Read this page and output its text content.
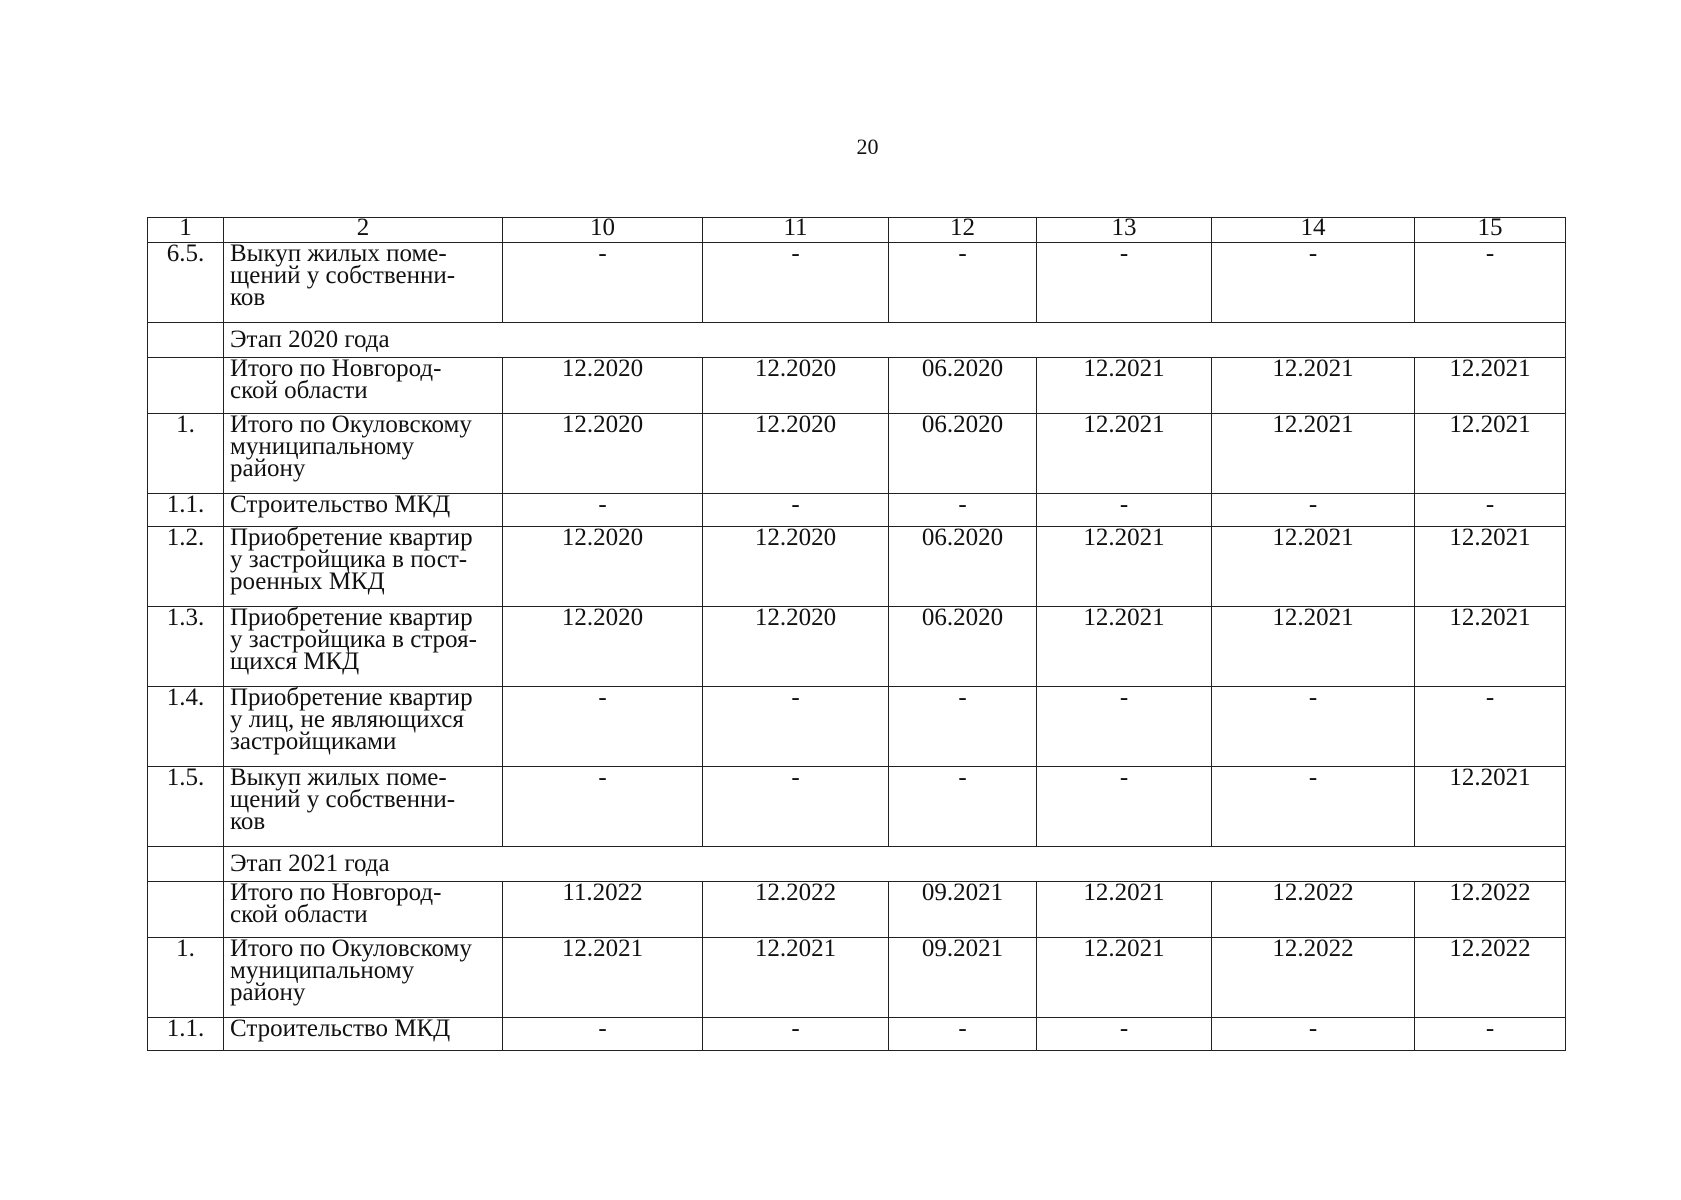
20
1	2	10	11	12	13	14	15
6.5.	Выкуп жилых поме-
щений у собственни-
ков	-	-	-	-	-	-
	Этап 2020 года						
	Итого по Новгород-
ской области	12.2020	12.2020	06.2020	12.2021	12.2021	12.2021
1.	Итого по Окуловскому
муниципальному
району	12.2020	12.2020	06.2020	12.2021	12.2021	12.2021
1.1.	Строительство МКД	-	-	-	-	-	-
1.2.	Приобретение квартир
у застройщика в пост-
роенных МКД	12.2020	12.2020	06.2020	12.2021	12.2021	12.2021
1.3.	Приобретение квартир
у застройщика в строя-
щихся МКД	12.2020	12.2020	06.2020	12.2021	12.2021	12.2021
1.4.	Приобретение квартир
у лиц, не являющихся
застройщиками	-	-	-	-	-	-
1.5.	Выкуп жилых поме-
щений у собственни-
ков	-	-	-	-	-	12.2021
	Этап 2021 года						
	Итого по Новгород-
ской области	11.2022	12.2022	09.2021	12.2021	12.2022	12.2022
1.	Итого по Окуловскому
муниципальному
району	12.2021	12.2021	09.2021	12.2021	12.2022	12.2022
1.1.	Строительство МКД	-	-	-	-	-	-
